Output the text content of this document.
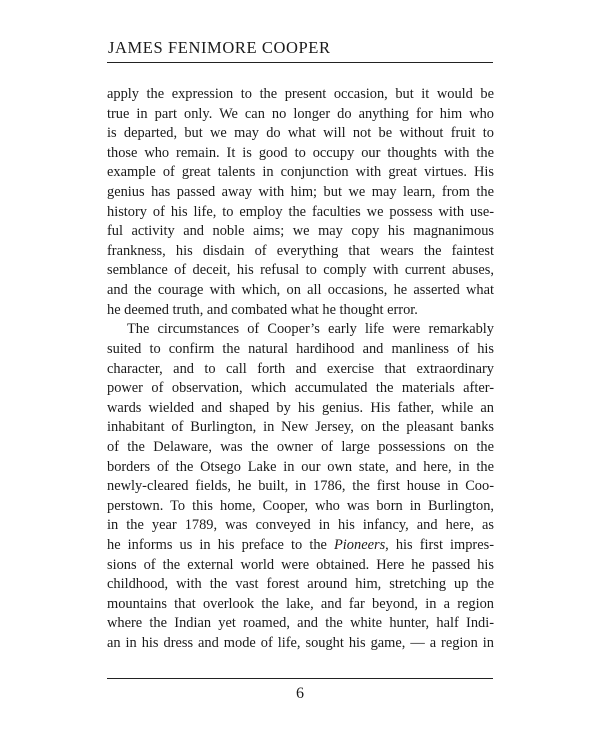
JAMES FENIMORE COOPER
apply the expression to the present occasion, but it would be
true in part only. We can no longer do anything for him who
is departed, but we may do what will not be without fruit to
those who remain. It is good to occupy our thoughts with the
example of great talents in conjunction with great virtues. His
genius has passed away with him; but we may learn, from the
history of his life, to employ the faculties we possess with use-
ful activity and noble aims; we may copy his magnanimous
frankness, his disdain of everything that wears the faintest
semblance of deceit, his refusal to comply with current abuses,
and the courage with which, on all occasions, he asserted what
he deemed truth, and combated what he thought error.
The circumstances of Cooper’s early life were remarkably
suited to confirm the natural hardihood and manliness of his
character, and to call forth and exercise that extraordinary
power of observation, which accumulated the materials after-
wards wielded and shaped by his genius. His father, while an
inhabitant of Burlington, in New Jersey, on the pleasant banks
of the Delaware, was the owner of large possessions on the
borders of the Otsego Lake in our own state, and here, in the
newly-cleared fields, he built, in 1786, the first house in Coo-
perstown. To this home, Cooper, who was born in Burlington,
in the year 1789, was conveyed in his infancy, and here, as
he informs us in his preface to the Pioneers, his first impres-
sions of the external world were obtained. Here he passed his
childhood, with the vast forest around him, stretching up the
mountains that overlook the lake, and far beyond, in a region
where the Indian yet roamed, and the white hunter, half Indi-
an in his dress and mode of life, sought his game, — a region in
6
